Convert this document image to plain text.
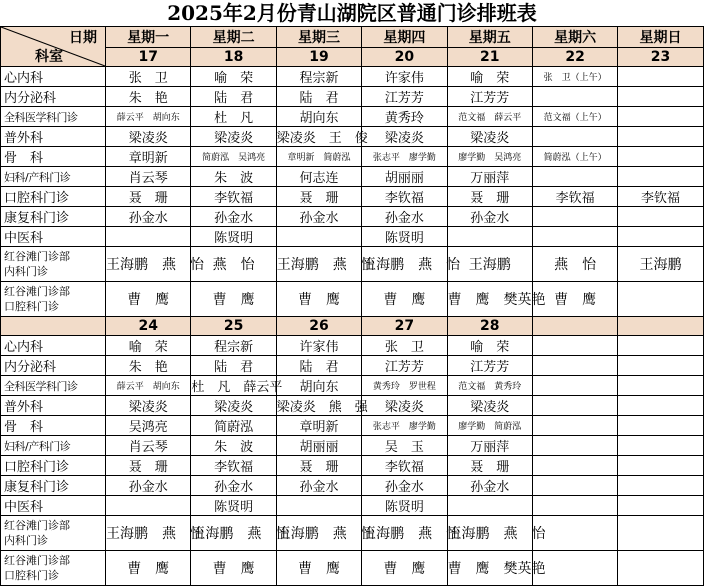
2025年2月份青山湖院区普通门诊排班表
日期
科室	星期一	星期二	星期三	星期四	星期五	星期六	星期日
	17	18	19	20	21	22	23
心内科	张　卫	喻　荣	程宗新	许家伟	喻　荣	张　卫（上午）	
内分泌科	朱　艳	陆　君	陆　君	江芳芳	江芳芳		
全科医学科门诊	薛云平　胡向东	杜　凡	胡向东	黄秀玲	范文福　薛云平	范文福（上午）	
普外科	梁凌炎	梁凌炎	梁凌炎　王　俊	梁凌炎	梁凌炎		
骨　科	章明新	简蔚泓　吴鸿亮	章明新　简蔚泓	张志平　廖学勤	廖学勤　吴鸿亮	简蔚泓（上午）	
妇科/产科门诊	肖云琴	朱　波	何志连	胡丽丽	万丽萍		
口腔科门诊	聂　珊	李钦福	聂　珊	李钦福	聂　珊	李钦福	李钦福
康复科门诊	孙金水	孙金水	孙金水	孙金水	孙金水		
中医科		陈贤明		陈贤明			

红谷滩门诊部
内科门诊	王海鹏　燕　怡	燕　怡	王海鹏　燕　怡	王海鹏　燕　怡	王海鹏	燕　怡	王海鹏

红谷滩门诊部
口腔科门诊	曹　鹰	曹　鹰	曹　鹰	曹　鹰	曹　鹰　樊英艳	曹　鹰	
	24	25	26	27	28		
心内科	喻　荣	程宗新	许家伟	张　卫	喻　荣		
内分泌科	朱　艳	陆　君	陆　君	江芳芳	江芳芳		
全科医学科门诊	薛云平　胡向东	杜　凡　薛云平	胡向东	黄秀玲　罗世程	范文福　黄秀玲		
普外科	梁凌炎	梁凌炎	梁凌炎　熊　强	梁凌炎	梁凌炎		
骨　科	吴鸿亮	简蔚泓	章明新	张志平　廖学勤	廖学勤　简蔚泓		
妇科/产科门诊	肖云琴	朱　波	胡丽丽	吴　玉	万丽萍		
口腔科门诊	聂　珊	李钦福	聂　珊	李钦福	聂　珊		
康复科门诊	孙金水	孙金水	孙金水	孙金水	孙金水		
中医科		陈贤明		陈贤明			

红谷滩门诊部
内科门诊	王海鹏　燕　怡	王海鹏　燕　怡	王海鹏　燕　怡	王海鹏　燕　怡	王海鹏　燕　怡		

红谷滩门诊部
口腔科门诊	曹　鹰	曹　鹰	曹　鹰	曹　鹰	曹　鹰　樊英艳		
